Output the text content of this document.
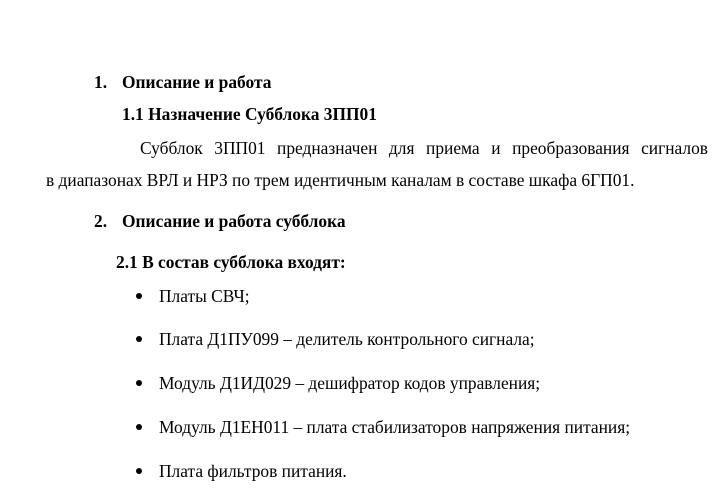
1. Описание и работа
1.1 Назначение Субблока 3ПП01
Субблок 3ПП01 предназначен для приема и преобразования сигналов
в диапазонах ВРЛ и НРЗ по трем идентичным каналам в составе шкафа 6ГП01.
2. Описание и работа субблока
2.1 В состав субблока входят:
Платы СВЧ;
Плата Д1ПУ099 – делитель контрольного сигнала;
Модуль Д1ИД029 – дешифратор кодов управления;
Модуль Д1ЕН011 – плата стабилизаторов напряжения питания;
Плата фильтров питания.
